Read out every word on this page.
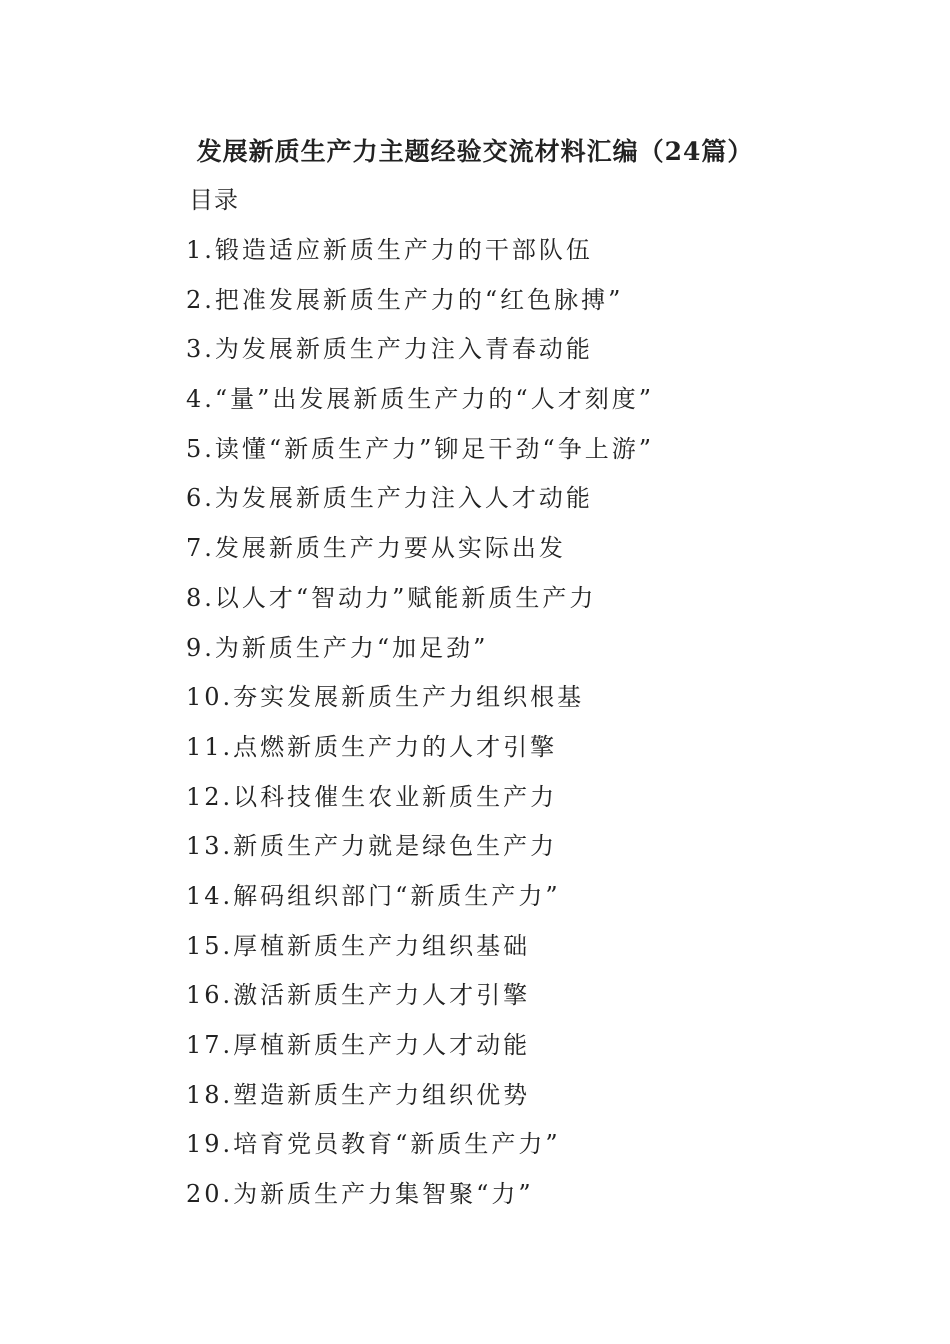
发展新质生产力主题经验交流材料汇编（24篇）
目录
1.锻造适应新质生产力的干部队伍
2.把准发展新质生产力的“红色脉搏”
3.为发展新质生产力注入青春动能
4.“量”出发展新质生产力的“人才刻度”
5.读懂“新质生产力”铆足干劲“争上游”
6.为发展新质生产力注入人才动能
7.发展新质生产力要从实际出发
8.以人才“智动力”赋能新质生产力
9.为新质生产力“加足劲”
10.夯实发展新质生产力组织根基
11.点燃新质生产力的人才引擎
12.以科技催生农业新质生产力
13.新质生产力就是绿色生产力
14.解码组织部门“新质生产力”
15.厚植新质生产力组织基础
16.激活新质生产力人才引擎
17.厚植新质生产力人才动能
18.塑造新质生产力组织优势
19.培育党员教育“新质生产力”
20.为新质生产力集智聚“力”
